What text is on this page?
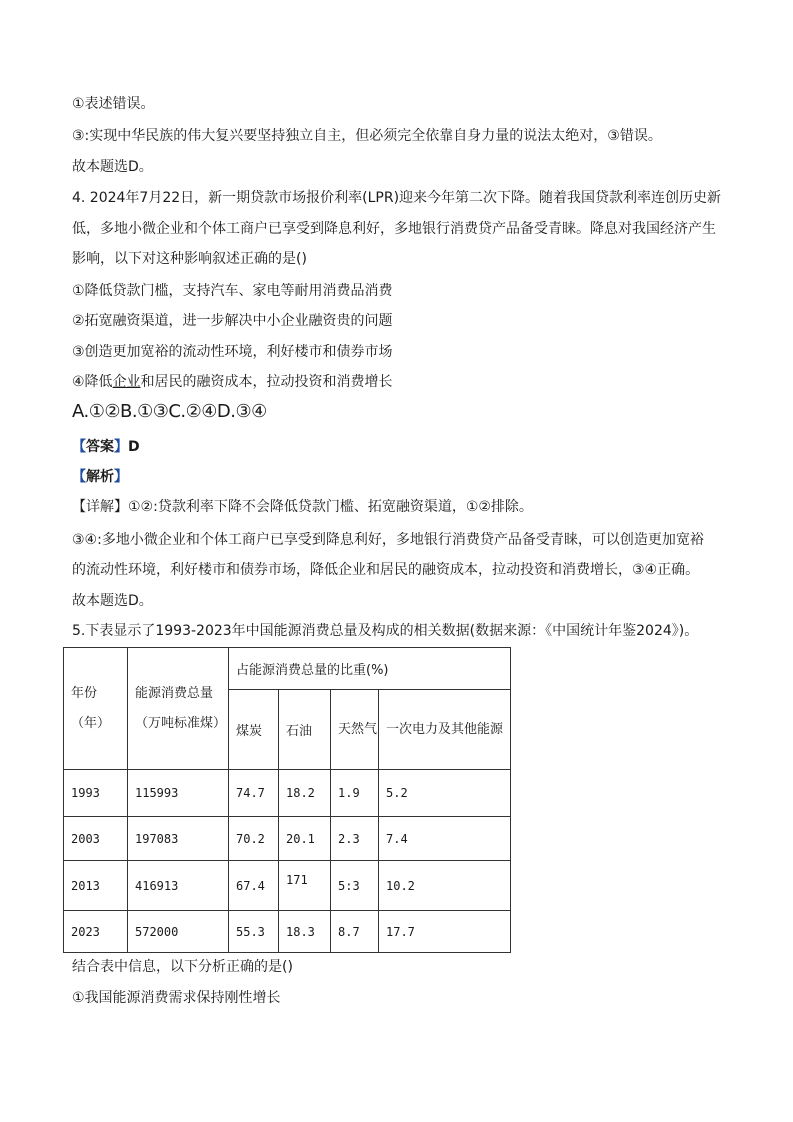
①表述错误。
③:实现中华民族的伟大复兴要坚持独立自主，但必须完全依靠自身力量的说法太绝对，③错误。
故本题选D。
4. 2024年7月22日，新一期贷款市场报价利率(LPR)迎来今年第二次下降。随着我国贷款利率连创历史新
低，多地小微企业和个体工商户已享受到降息利好，多地银行消费贷产品备受青睐。降息对我国经济产生
影响，以下对这种影响叙述正确的是()
①降低贷款门槛，支持汽车、家电等耐用消费品消费
②拓宽融资渠道，进一步解决中小企业融资贵的问题
③创造更加宽裕的流动性环境，利好楼市和债券市场
④降低企业和居民的融资成本，拉动投资和消费增长
A.①②B.①③C.②④D.③④
【答案】D
【解析】
【详解】①②:贷款利率下降不会降低贷款门槛、拓宽融资渠道，①②排除。
③④:多地小微企业和个体工商户已享受到降息利好，多地银行消费贷产品备受青睐，可以创造更加宽裕
的流动性环境，利好楼市和债券市场，降低企业和居民的融资成本，拉动投资和消费增长，③④正确。
故本题选D。
5.下表显示了1993-2023年中国能源消费总量及构成的相关数据(数据来源：《中国统计年鉴2024》)。
年份（年）	能源消费总量（万吨标准煤）	占能源消费总量的比重(%)			
		煤炭	石油	天然气	一次电力及其他能源
1993	115993	74.7	18.2	1.9	5.2
2003	197083	70.2	20.1	2.3	7.4
2013	416913	67.4	171	5:3	10.2
2023	572000	55.3	18.3	8.7	17.7
结合表中信息，以下分析正确的是()
①我国能源消费需求保持刚性增长
